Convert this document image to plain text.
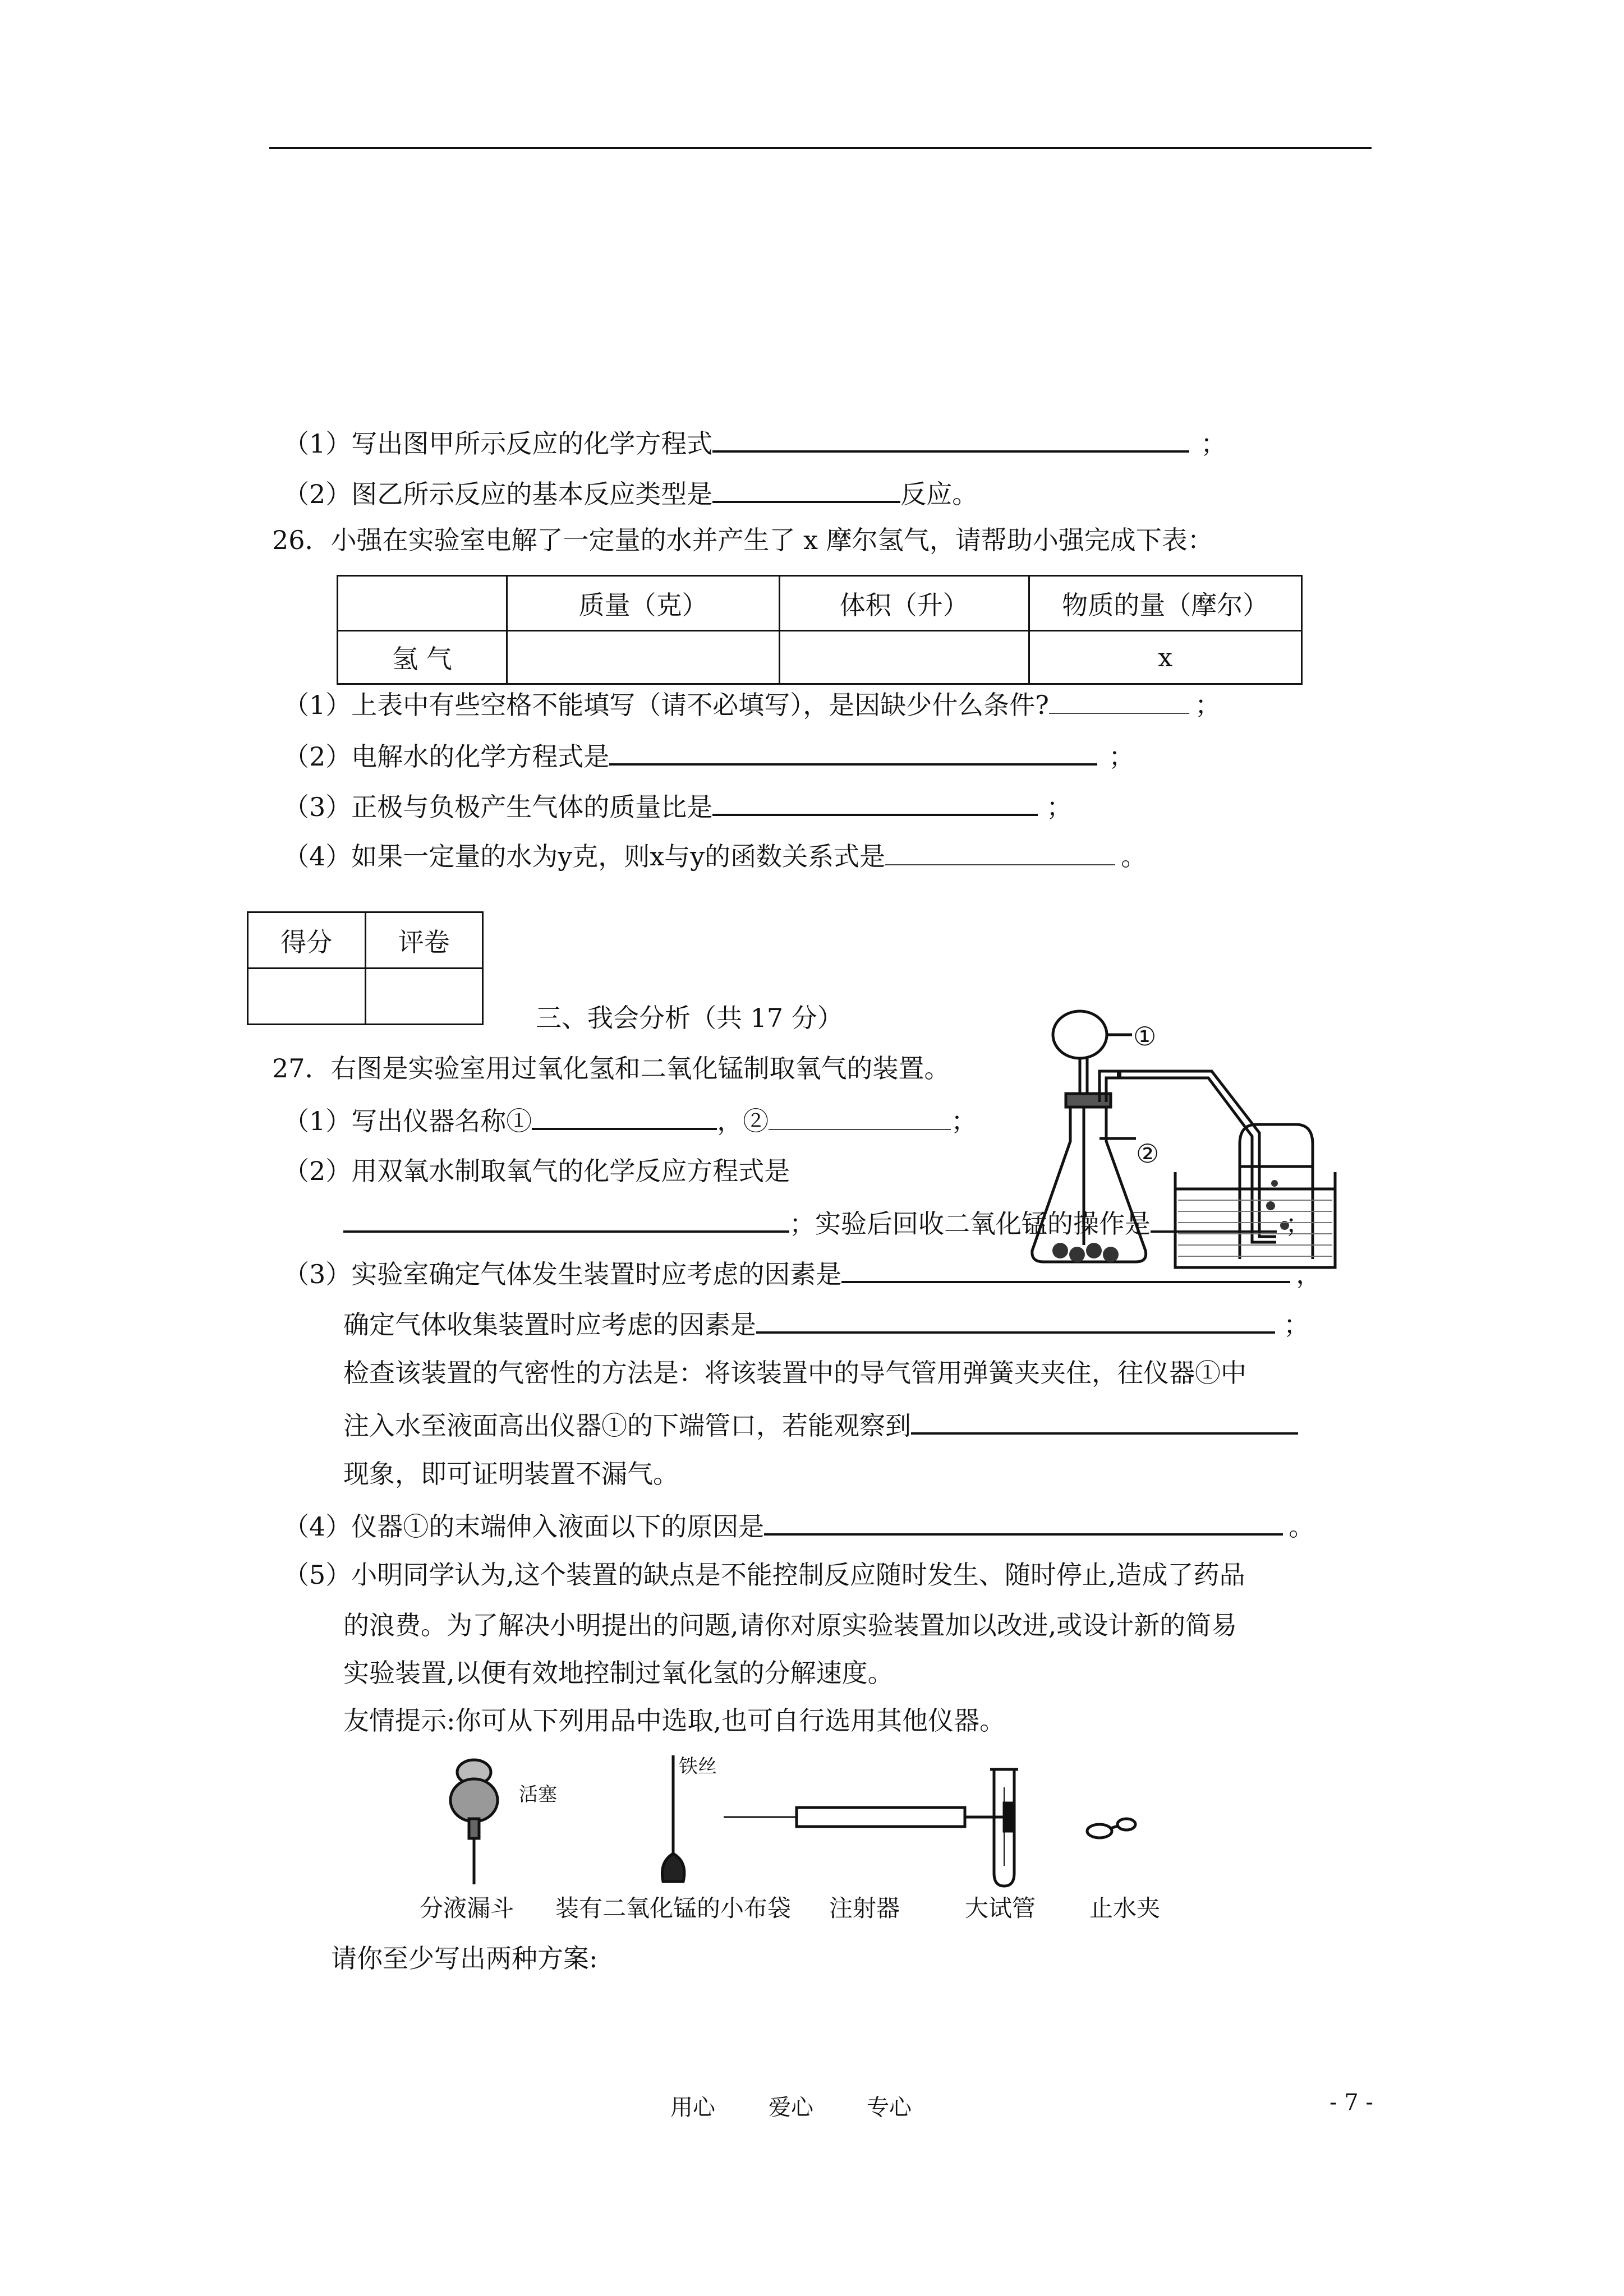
（1）写出图甲所示反应的化学方程式	；
（2）图乙所示反应的基本反应类型是	反应。
26．小强在实验室电解了一定量的水并产生了 x 摩尔氢气，请帮助小强完成下表：
	质量（克）	体积（升）	物质的量（摩尔）
氢 气			x
（1）上表中有些空格不能填写（请不必填写），是因缺少什么条件?	；
（2）电解水的化学方程式是	；
（3）正极与负极产生气体的质量比是	；
（4）如果一定量的水为y克，则x与y的函数关系式是	。
得分	评卷

三、我会分析（共 17 分）
27．右图是实验室用过氧化氢和二氧化锰制取氧气的装置。
①
②
（1）写出仪器名称①	，②	；
（2）用双氧水制取氧气的化学反应方程式是
；实验后回收二氧化锰的操作是	；
（3）实验室确定气体发生装置时应考虑的因素是	，
确定气体收集装置时应考虑的因素是	；
检查该装置的气密性的方法是：将该装置中的导气管用弹簧夹夹住，往仪器①中
注入水至液面高出仪器①的下端管口，若能观察到
现象，即可证明装置不漏气。
（4）仪器①的末端伸入液面以下的原因是	。
（5）小明同学认为,这个装置的缺点是不能控制反应随时发生、随时停止,造成了药品
的浪费。为了解决小明提出的问题,请你对原实验装置加以改进,或设计新的简易
实验装置,以便有效地控制过氧化氢的分解速度。
友情提示:你可从下列用品中选取,也可自行选用其他仪器。
活塞
铁丝
分液漏斗 装有二氧化锰的小布袋 注射器	大试管 止水夹
请你至少写出两种方案:
用心 爱心 专心	- 7 -
